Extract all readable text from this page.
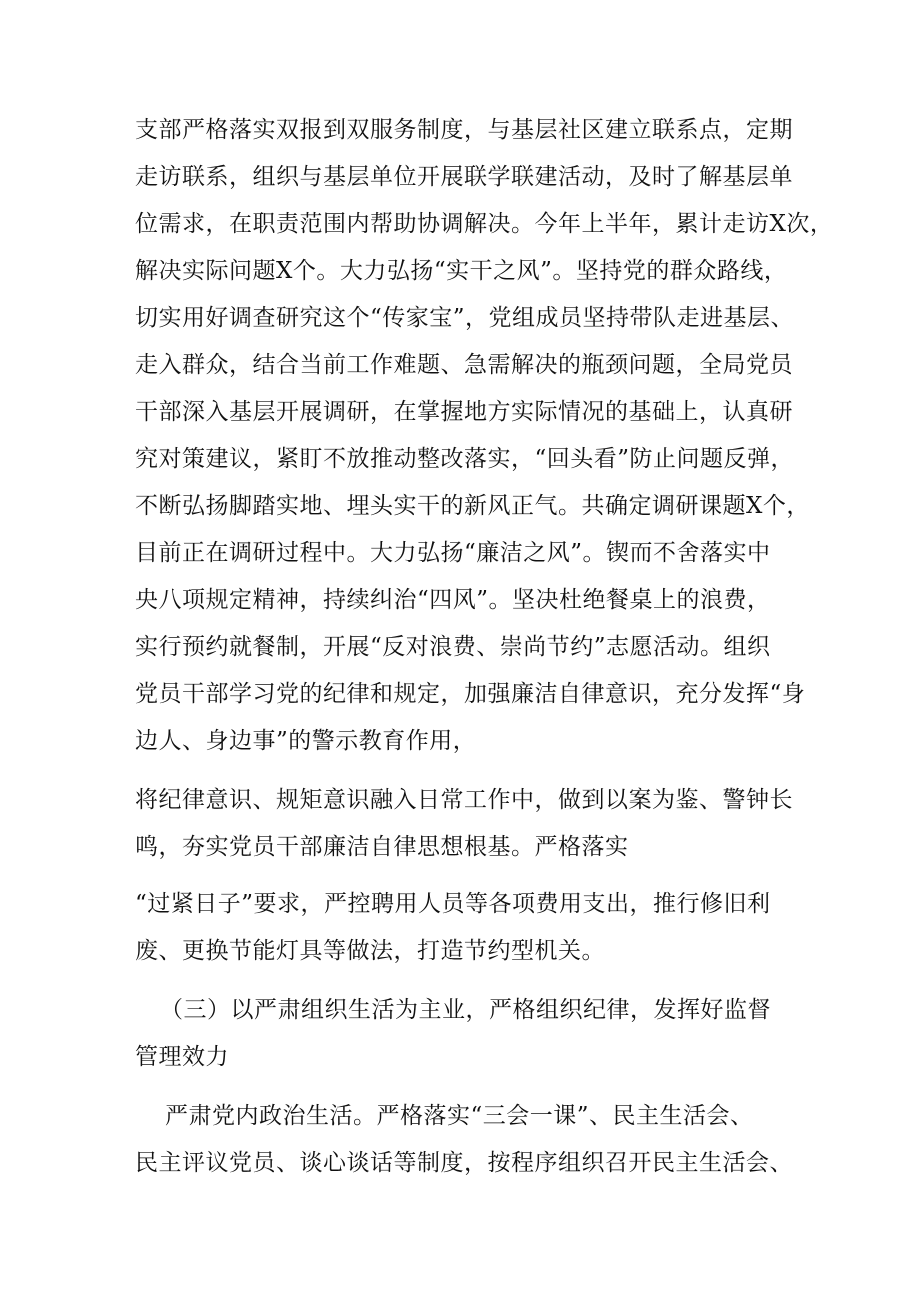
支部严格落实双报到双服务制度，与基层社区建立联系点，定期
走访联系，组织与基层单位开展联学联建活动，及时了解基层单
位需求，在职责范围内帮助协调解决。今年上半年，累计走访X次，
解决实际问题X个。大力弘扬“实干之风”。坚持党的群众路线，
切实用好调查研究这个“传家宝”，党组成员坚持带队走进基层、
走入群众，结合当前工作难题、急需解决的瓶颈问题，全局党员
干部深入基层开展调研，在掌握地方实际情况的基础上，认真研
究对策建议，紧盯不放推动整改落实，“回头看”防止问题反弹，
不断弘扬脚踏实地、埋头实干的新风正气。共确定调研课题X个，
目前正在调研过程中。大力弘扬“廉洁之风”。锲而不舍落实中
央八项规定精神，持续纠治“四风”。坚决杜绝餐桌上的浪费，
实行预约就餐制，开展“反对浪费、崇尚节约”志愿活动。组织
党员干部学习党的纪律和规定，加强廉洁自律意识，充分发挥“身
边人、身边事”的警示教育作用，
将纪律意识、规矩意识融入日常工作中，做到以案为鉴、警钟长
鸣，夯实党员干部廉洁自律思想根基。严格落实
“过紧日子”要求，严控聘用人员等各项费用支出，推行修旧利
废、更换节能灯具等做法，打造节约型机关。
（三）以严肃组织生活为主业，严格组织纪律，发挥好监督
管理效力
严肃党内政治生活。严格落实“三会一课”、民主生活会、
民主评议党员、谈心谈话等制度，按程序组织召开民主生活会、
